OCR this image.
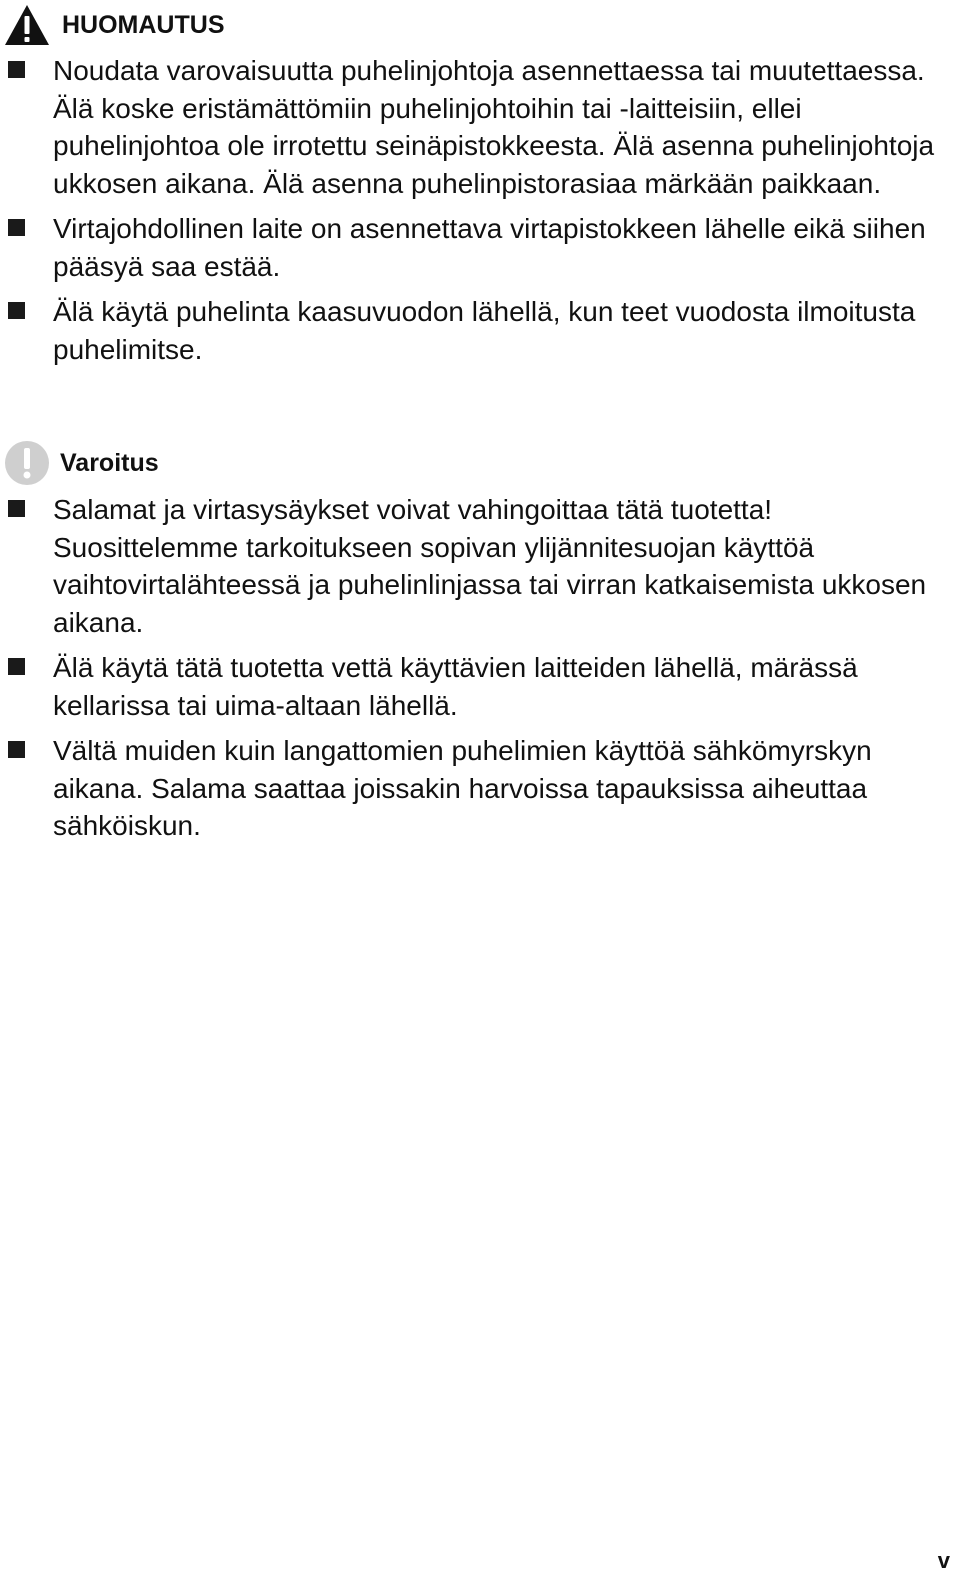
HUOMAUTUS
Noudata varovaisuutta puhelinjohtoja asennettaessa tai muutettaessa. Älä koske eristämättömiin puhelinjohtoihin tai -laitteisiin, ellei puhelinjohtoa ole irrotettu seinäpistokkeesta. Älä asenna puhelinjohtoja ukkosen aikana. Älä asenna puhelinpistorasiaa märkään paikkaan.
Virtajohdollinen laite on asennettava virtapistokkeen lähelle eikä siihen pääsyä saa estää.
Älä käytä puhelinta kaasuvuodon lähellä, kun teet vuodosta ilmoitusta puhelimitse.
Varoitus
Salamat ja virtasysäykset voivat vahingoittaa tätä tuotetta! Suosittelemme tarkoitukseen sopivan ylijännitesuojan käyttöä vaihtovirtalähteessä ja puhelinlinjassa tai virran katkaisemista ukkosen aikana.
Älä käytä tätä tuotetta vettä käyttävien laitteiden lähellä, märässä kellarissa tai uima-altaan lähellä.
Vältä muiden kuin langattomien puhelimien käyttöä sähkömyrskyn aikana. Salama saattaa joissakin harvoissa tapauksissa aiheuttaa sähköiskun.
v
